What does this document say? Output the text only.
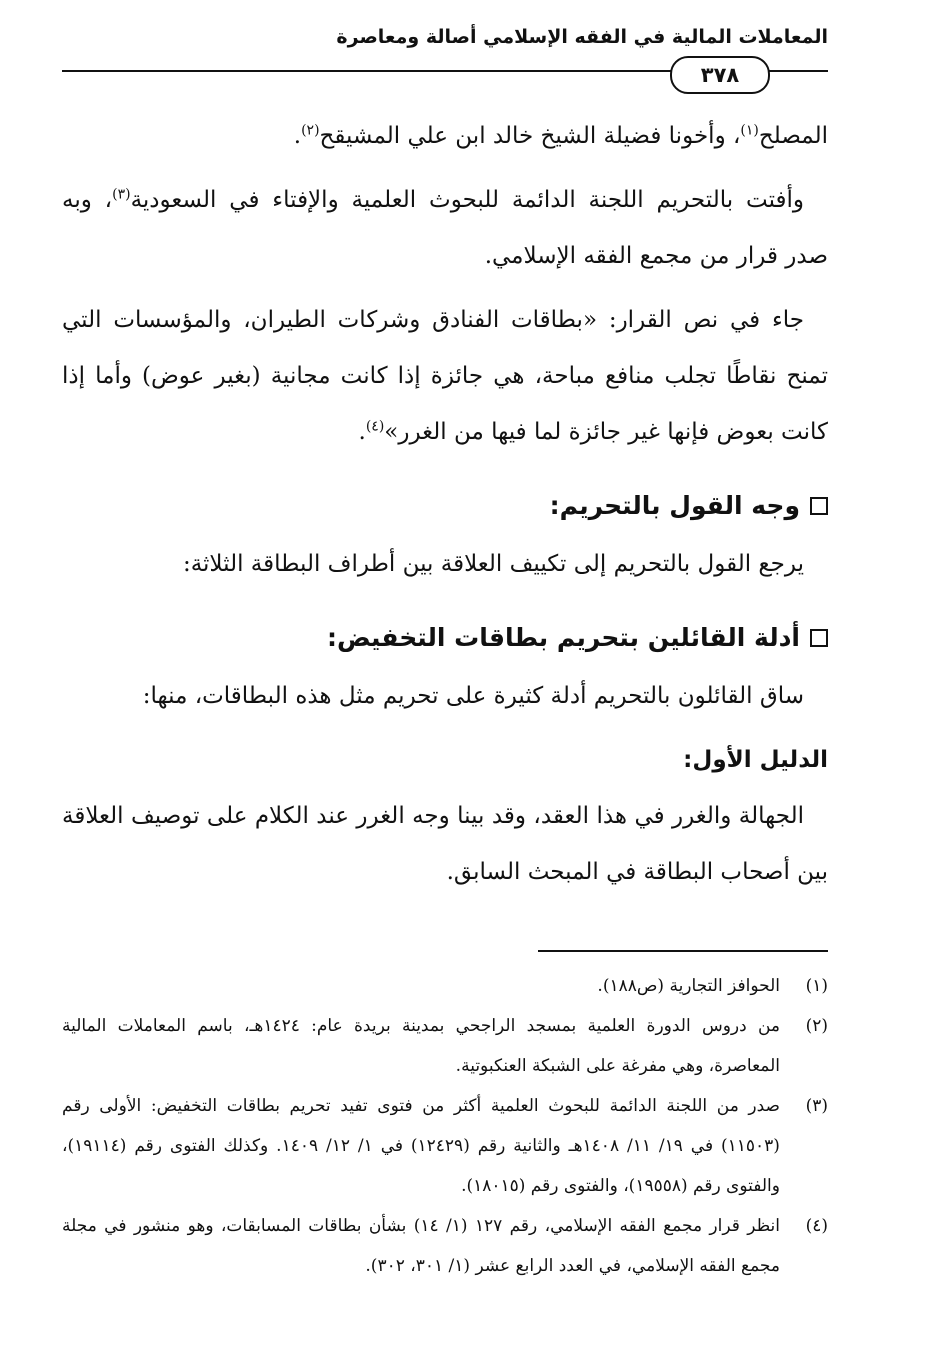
المعاملات المالية في الفقه الإسلامي أصالة ومعاصرة
٣٧٨

المصلح$^{(١)}$، وأخونا فضيلة الشيخ خالد ابن علي المشيقح$^{(٢)}$.

وأفتت بالتحريم اللجنة الدائمة للبحوث العلمية والإفتاء في السعودية$^{(٣)}$، وبه صدر قرار من مجمع الفقه الإسلامي.

جاء في نص القرار: «بطاقات الفنادق وشركات الطيران، والمؤسسات التي تمنح نقاطًا تجلب منافع مباحة، هي جائزة إذا كانت مجانية (بغير عوض) وأما إذا كانت بعوض فإنها غير جائزة لما فيها من الغرر»$^{(٤)}$.

وجه القول بالتحريم:

يرجع القول بالتحريم إلى تكييف العلاقة بين أطراف البطاقة الثلاثة:

أدلة القائلين بتحريم بطاقات التخفيض:

ساق القائلون بالتحريم أدلة كثيرة على تحريم مثل هذه البطاقات، منها:

الدليل الأول:

الجهالة والغرر في هذا العقد، وقد بينا وجه الغرر عند الكلام على توصيف العلاقة بين أصحاب البطاقة في المبحث السابق.

(١)
الحوافز التجارية (ص١٨٨).
(٢)
من دروس الدورة العلمية بمسجد الراجحي بمدينة بريدة عام: ١٤٢٤هـ، باسم المعاملات المالية المعاصرة، وهي مفرغة على الشبكة العنكبوتية.
(٣)
صدر من اللجنة الدائمة للبحوث العلمية أكثر من فتوى تفيد تحريم بطاقات التخفيض: الأولى رقم (١١٥٠٣) في ١٩/ ١١/ ١٤٠٨هـ والثانية رقم (١٢٤٢٩) في ١/ ١٢/ ١٤٠٩. وكذلك الفتوى رقم (١٩١١٤)، والفتوى رقم (١٩٥٥٨)، والفتوى رقم (١٨٠١٥).
(٤)
انظر قرار مجمع الفقه الإسلامي، رقم ١٢٧ (١/ ١٤) بشأن بطاقات المسابقات، وهو منشور في مجلة مجمع الفقه الإسلامي، في العدد الرابع عشر (١/ ٣٠١، ٣٠٢).
